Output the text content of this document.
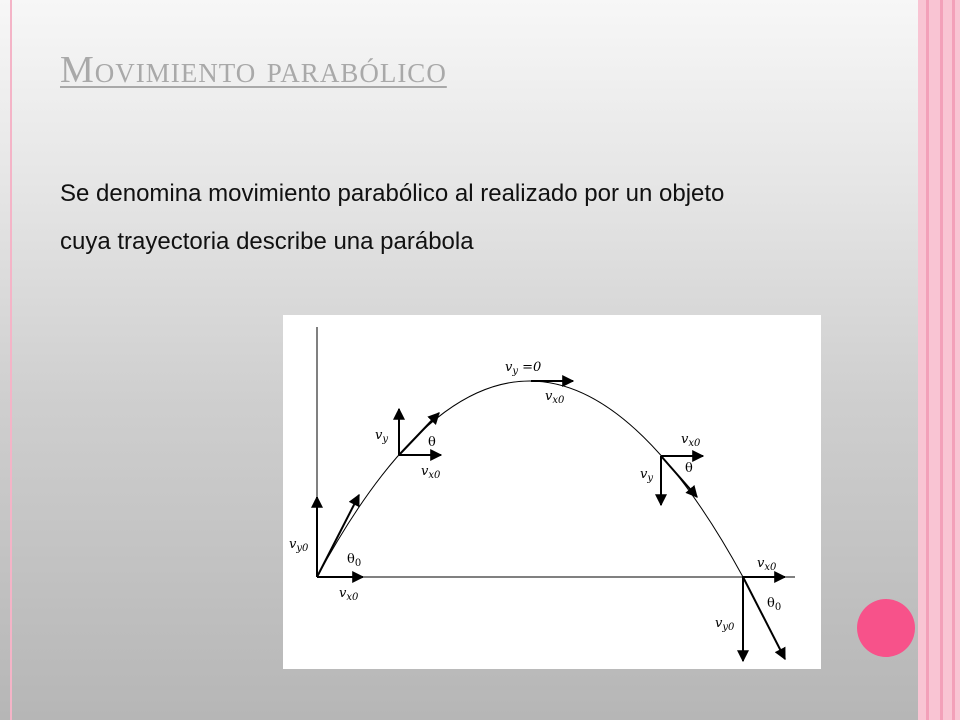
Movimiento parabólico

Se denomina movimiento parabólico al realizado por un objeto cuya trayectoria describe una parábola

$v_y =0$
$v_{x0}$
$v_y$	θ
$v_{x0}$
$v_{x0}$
$v_y$
θ
$v_{y0}$
$\theta_0$
$v_{x0}$
$v_{x0}$
$\theta_0$
$v_{y0}$
